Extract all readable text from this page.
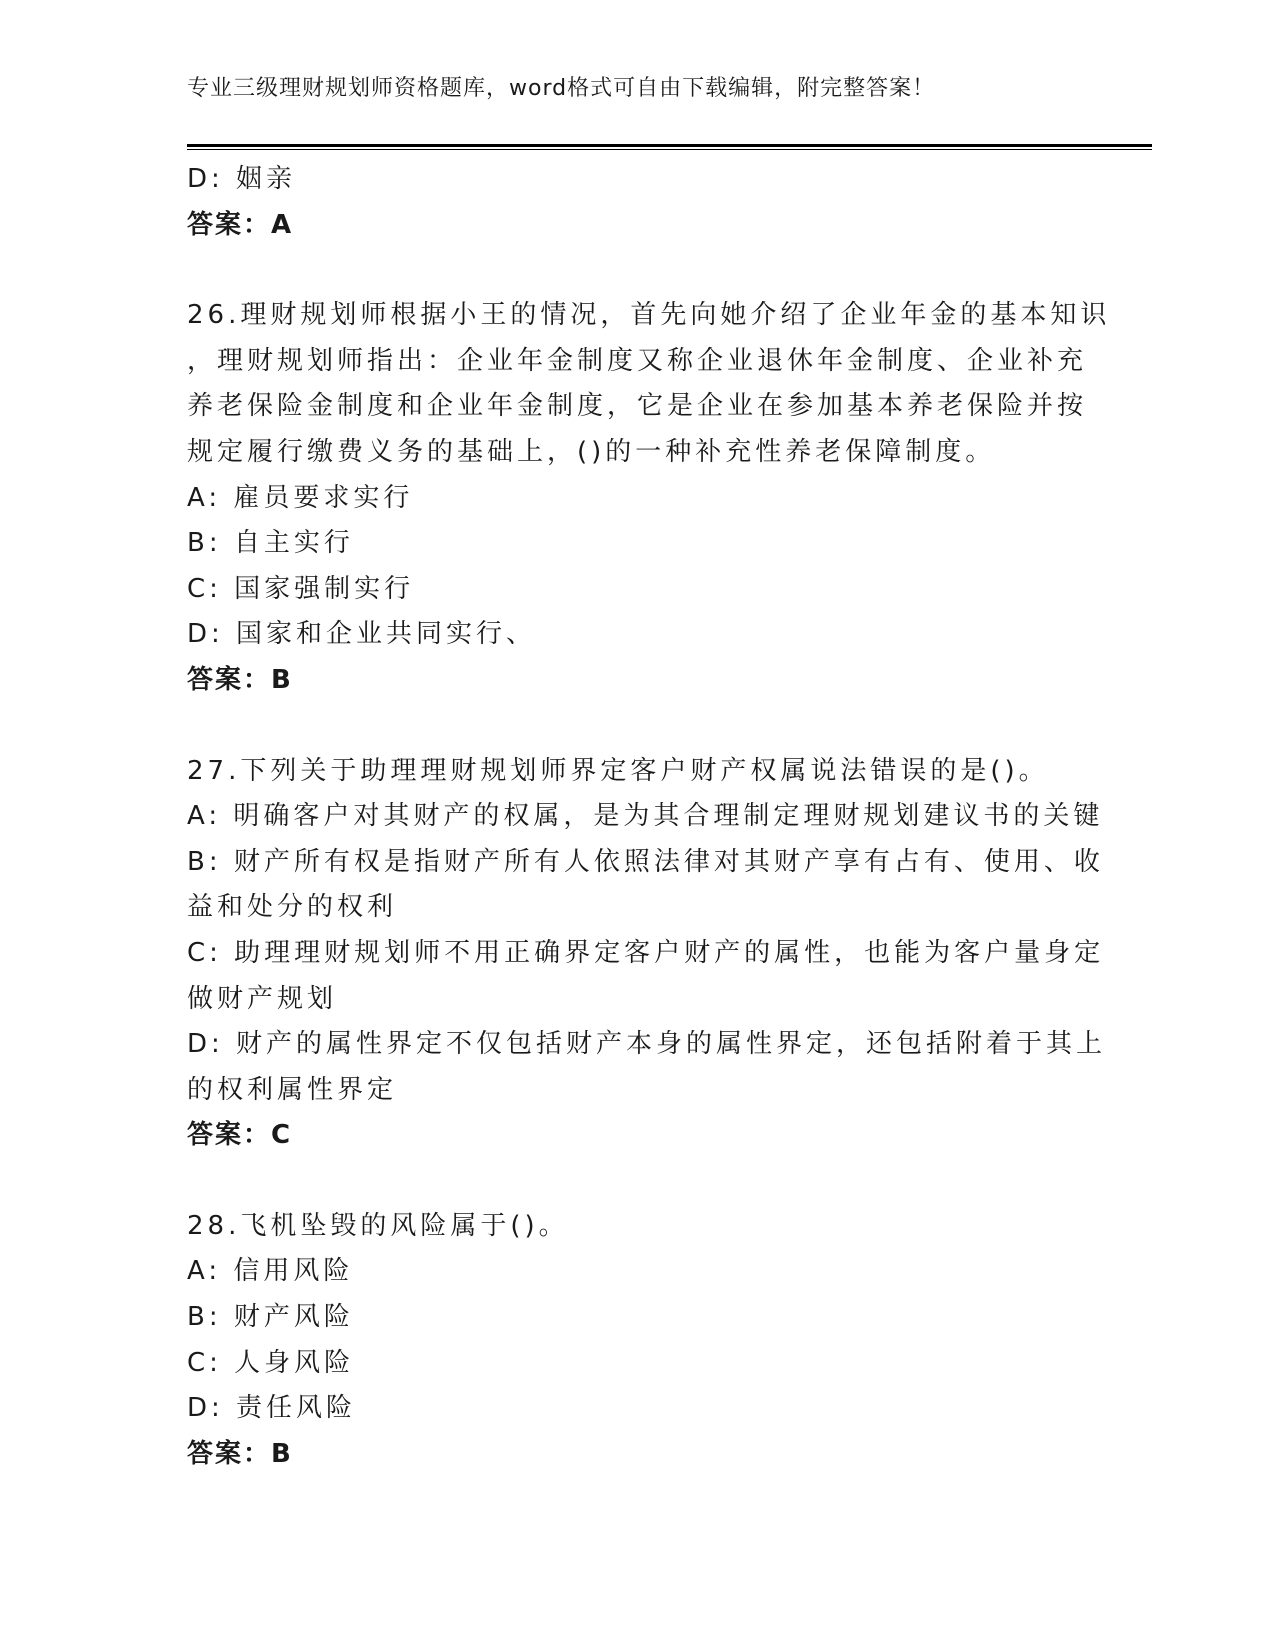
专业三级理财规划师资格题库，word格式可自由下载编辑，附完整答案！
D: 姻亲
答案：A
26.理财规划师根据小王的情况，首先向她介绍了企业年金的基本知识
，理财规划师指出：企业年金制度又称企业退休年金制度、企业补充
养老保险金制度和企业年金制度，它是企业在参加基本养老保险并按
规定履行缴费义务的基础上，()的一种补充性养老保障制度。
A: 雇员要求实行
B: 自主实行
C: 国家强制实行
D: 国家和企业共同实行、
答案：B
27.下列关于助理理财规划师界定客户财产权属说法错误的是()。
A: 明确客户对其财产的权属，是为其合理制定理财规划建议书的关键
B: 财产所有权是指财产所有人依照法律对其财产享有占有、使用、收
益和处分的权利
C: 助理理财规划师不用正确界定客户财产的属性，也能为客户量身定
做财产规划
D: 财产的属性界定不仅包括财产本身的属性界定，还包括附着于其上
的权利属性界定
答案：C
28.飞机坠毁的风险属于()。
A: 信用风险
B: 财产风险
C: 人身风险
D: 责任风险
答案：B
